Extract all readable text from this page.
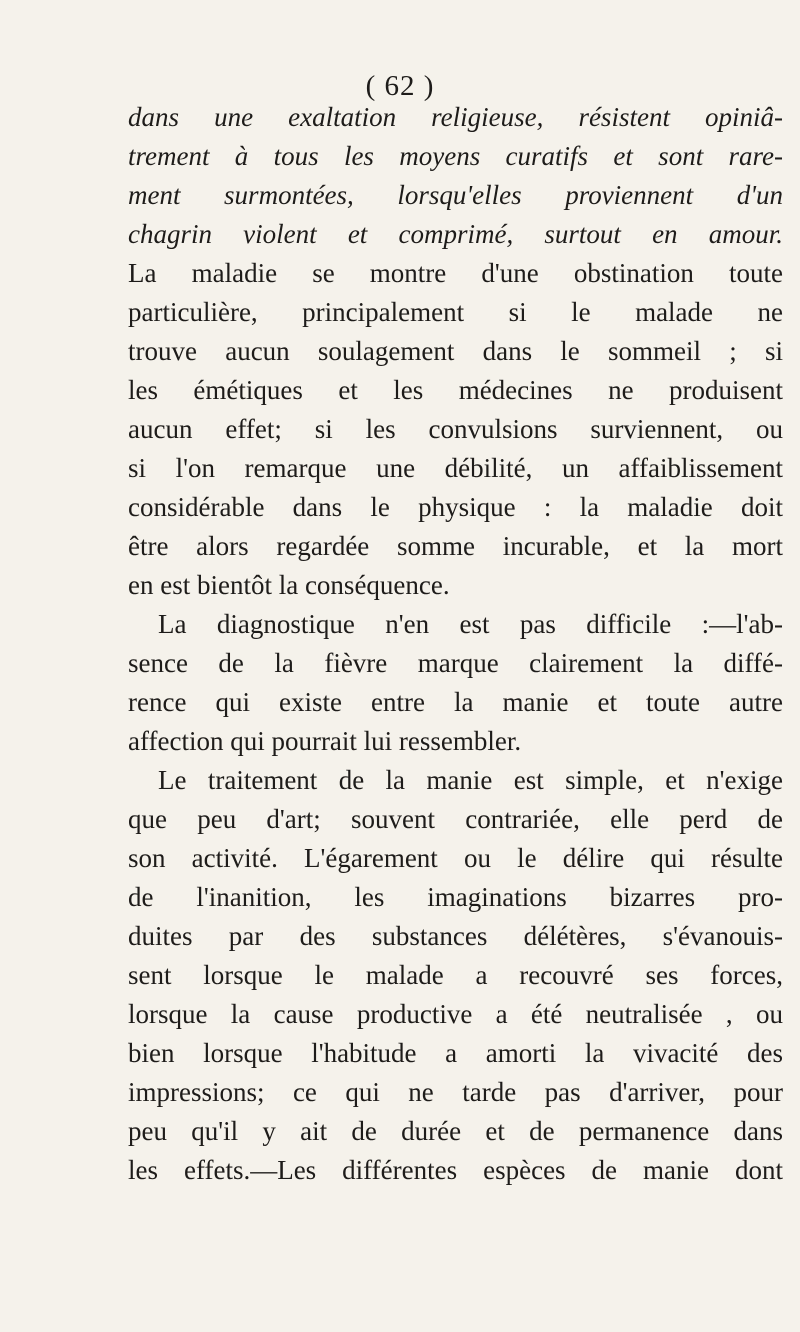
( 62 )
dans une exaltation religieuse, résistent opiniâ-
trement à tous les moyens curatifs et sont rare-
ment surmontées, lorsqu'elles proviennent d'un
chagrin violent et comprimé, surtout en amour.
La maladie se montre d'une obstination toute
particulière, principalement si le malade ne
trouve aucun soulagement dans le sommeil ; si
les émétiques et les médecines ne produisent
aucun effet; si les convulsions surviennent, ou
si l'on remarque une débilité, un affaiblissement
considérable dans le physique : la maladie doit
être alors regardée somme incurable, et la mort
en est bientôt la conséquence.
La diagnostique n'en est pas difficile :—l'ab-
sence de la fièvre marque clairement la diffé-
rence qui existe entre la manie et toute autre
affection qui pourrait lui ressembler.
Le traitement de la manie est simple, et n'exige
que peu d'art; souvent contrariée, elle perd de
son activité. L'égarement ou le délire qui résulte
de l'inanition, les imaginations bizarres pro-
duites par des substances délétères, s'évanouis-
sent lorsque le malade a recouvré ses forces,
lorsque la cause productive a été neutralisée , ou
bien lorsque l'habitude a amorti la vivacité des
impressions; ce qui ne tarde pas d'arriver, pour
peu qu'il y ait de durée et de permanence dans
les effets.—Les différentes espèces de manie dont
